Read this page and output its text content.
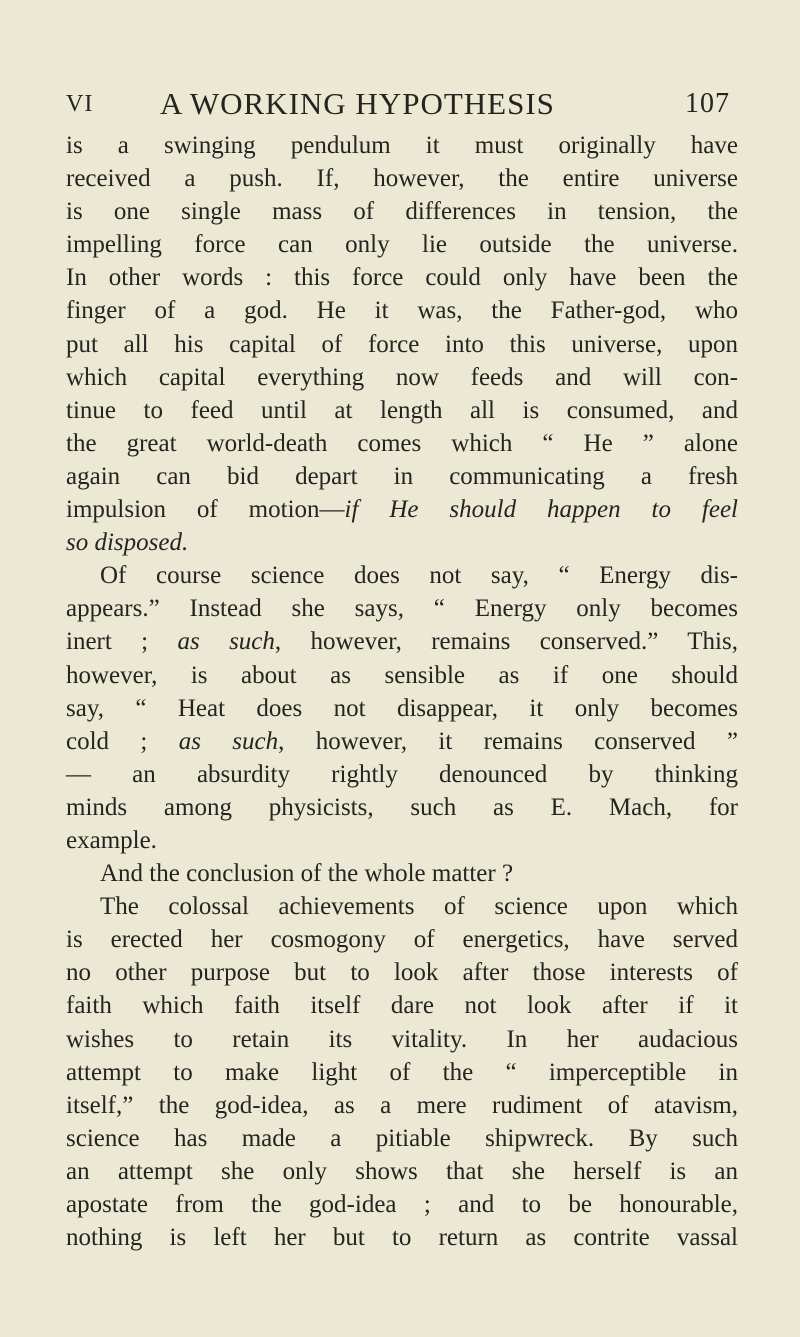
VI A WORKING HYPOTHESIS	107
is a swinging pendulum it must originally have
received a push. If, however, the entire universe
is one single mass of differences in tension, the
impelling force can only lie outside the universe.
In other words : this force could only have been the
finger of a god. He it was, the Father-god, who
put all his capital of force into this universe, upon
which capital everything now feeds and will con-
tinue to feed until at length all is consumed, and
the great world-death comes which “ He ” alone
again can bid depart in communicating a fresh
impulsion of motion—if He should happen to feel
so disposed.
Of course science does not say, “ Energy dis-
appears.” Instead she says, “ Energy only becomes
inert ; as such, however, remains conserved.” This,
however, is about as sensible as if one should
say, “ Heat does not disappear, it only becomes
cold ; as such, however, it remains conserved ”
— an absurdity rightly denounced by thinking
minds among physicists, such as E. Mach, for
example.
And the conclusion of the whole matter ?
The colossal achievements of science upon which
is erected her cosmogony of energetics, have served
no other purpose but to look after those interests of
faith which faith itself dare not look after if it
wishes to retain its vitality. In her audacious
attempt to make light of the “ imperceptible in
itself,” the god-idea, as a mere rudiment of atavism,
science has made a pitiable shipwreck. By such
an attempt she only shows that she herself is an
apostate from the god-idea ; and to be honourable,
nothing is left her but to return as contrite vassal
